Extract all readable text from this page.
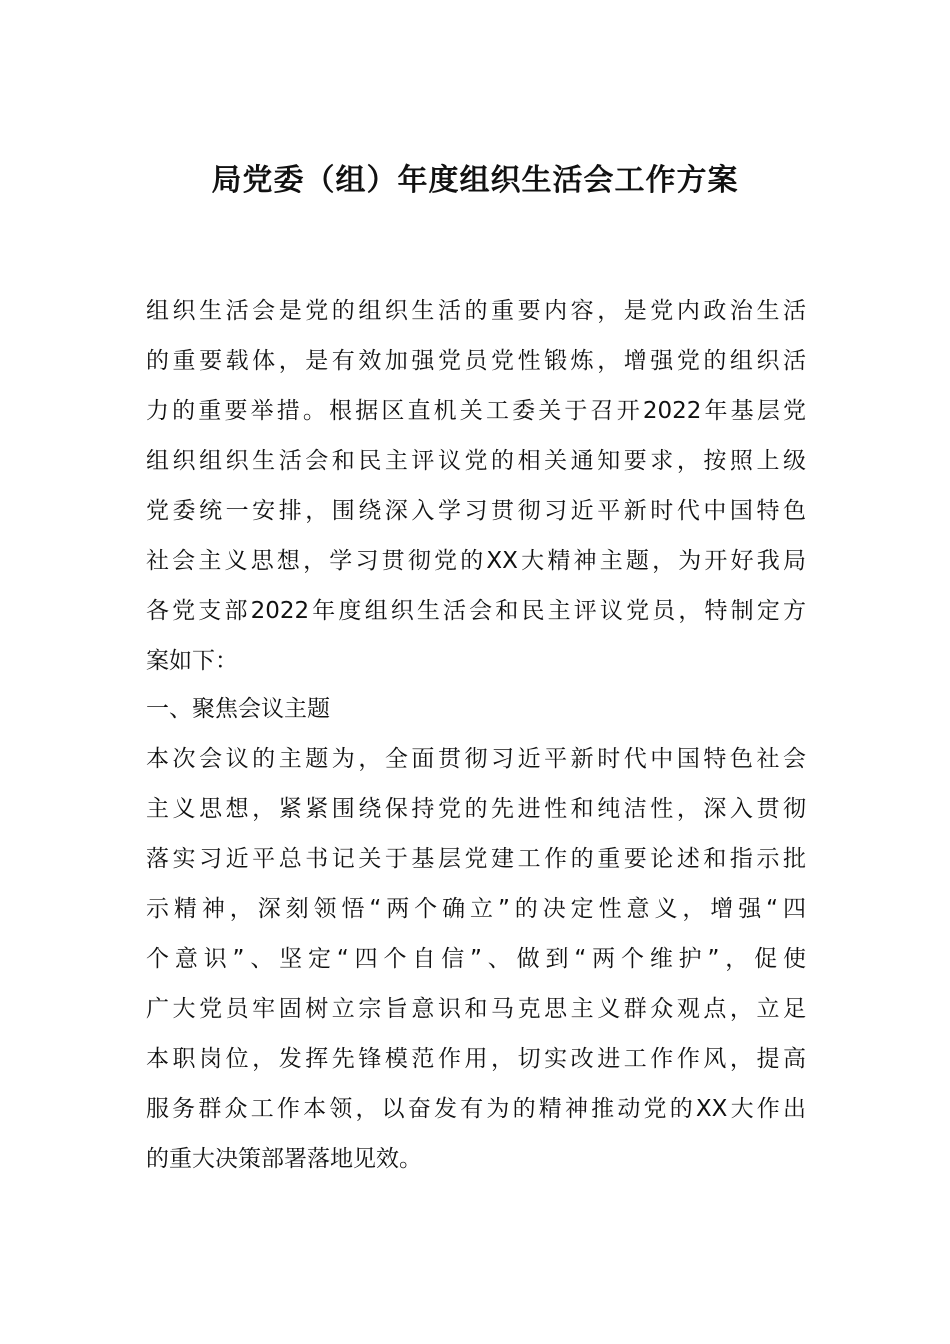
局党委（组）年度组织生活会工作方案

组织生活会是党的组织生活的重要内容，是党内政治生活

的重要载体，是有效加强党员党性锻炼，增强党的组织活

力的重要举措。根据区直机关工委关于召开2022年基层党

组织组织生活会和民主评议党的相关通知要求，按照上级

党委统一安排，围绕深入学习贯彻习近平新时代中国特色

社会主义思想，学习贯彻党的XX大精神主题，为开好我局

各党支部2022年度组织生活会和民主评议党员，特制定方

案如下：

一、聚焦会议主题

本次会议的主题为，全面贯彻习近平新时代中国特色社会

主义思想，紧紧围绕保持党的先进性和纯洁性，深入贯彻

落实习近平总书记关于基层党建工作的重要论述和指示批

示精神，深刻领悟“两个确立”的决定性意义，增强“四

个意识”、坚定“四个自信”、做到“两个维护”，促使

广大党员牢固树立宗旨意识和马克思主义群众观点，立足

本职岗位，发挥先锋模范作用，切实改进工作作风，提高

服务群众工作本领，以奋发有为的精神推动党的XX大作出

的重大决策部署落地见效。
